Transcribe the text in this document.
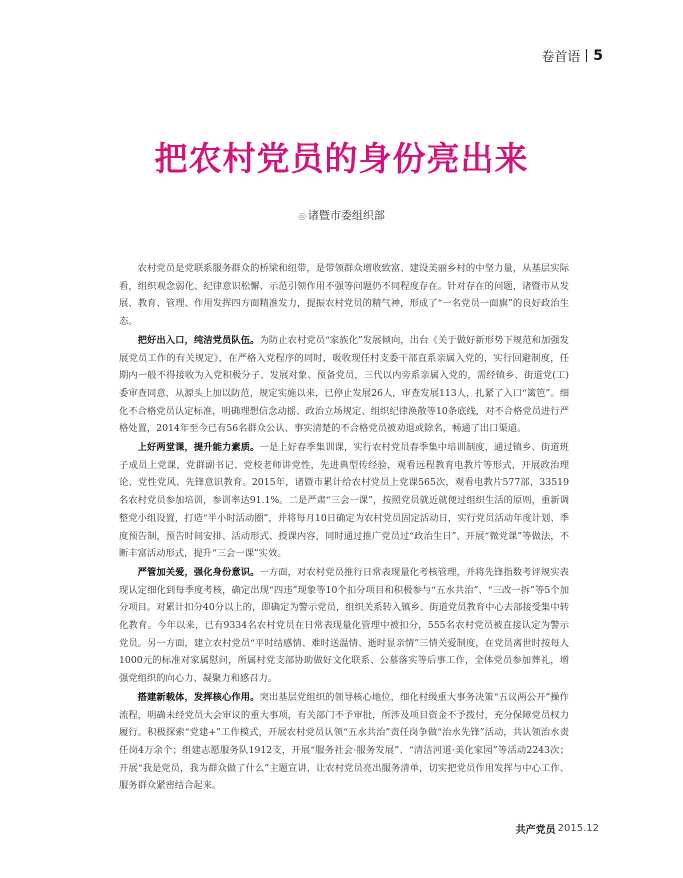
卷首语 5
把农村党员的身份亮出来
◎ 诸暨市委组织部

农村党员是党联系服务群众的桥梁和纽带，是带领群众增收致富、建设美丽乡村的中坚力量，从基层实际看，组织观念弱化、纪律意识松懈、示范引领作用不强等问题仍不同程度存在。针对存在的问题，诸暨市从发展、教育、管理、作用发挥四方面精准发力，提振农村党员的精气神，形成了“一名党员一面旗”的良好政治生态。

把好出入口，纯洁党员队伍。为防止农村党员“家族化”发展倾向，出台《关于做好新形势下规范和加强发展党员工作的有关规定》，在严格入党程序的同时，吸收现任村支委干部直系亲属入党的，实行回避制度，任期内一般不得接收为入党积极分子、发展对象、预备党员，三代以内旁系亲属入党的，需经镇乡、街道党(工)委审查同意，从源头上加以防范，规定实施以来，已停止发展26人，审查发展113人，扎紧了入口“篱笆”。细化不合格党员认定标准，明确理想信念动摇、政治立场规定、组织纪律涣散等10条底线，对不合格党员进行严格处置，2014年至今已有56名群众公认、事实清楚的不合格党员被劝退或除名，畅通了出口渠道。

上好两堂课，提升能力素质。一是上好春季集训课，实行农村党员春季集中培训制度，通过镇乡、街道班子成员上党课，党群副书记、党校老师讲党性，先进典型传经验，观看远程教育电教片等形式，开展政治理论、党性党风、先锋意识教育。2015年，诸暨市累计给农村党员上党课565次，观看电教片577部，33519名农村党员参加培训，参训率达91.1%。二是严肃“三会一课”，按照党员就近就便过组织生活的原则，重新调整党小组设置，打造“半小时活动圈”，并将每月10日确定为农村党员固定活动日，实行党员活动年度计划、季度预告制，预告时间安排、活动形式、授课内容，同时通过推广党员过“政治生日”、开展“微党课”等做法，不断丰富活动形式，提升“三会一课”实效。

严管加关爱，强化身份意识。一方面，对农村党员推行日常表现量化考核管理，并将先锋指数考评规实表现认定细化到每季度考核，确定出现“四违”现象等10个扣分项目和积极参与“五水共治”、“三改一拆”等5个加分项目。对累计扣分40分以上的，即确定为警示党员，组织关系转入镇乡、街道党员教育中心去部接受集中转化教育。今年以来，已有9334名农村党员在日常表现量化管理中被扣分，555名农村党员被直接认定为警示党员。另一方面，建立农村党员“平时结感情、难时送温情、逝时显亲情”三情关爱制度，在党员离世时按每人1000元的标准对家属慰问，所属村党支部协助做好文化联系、公墓落实等后事工作，全体党员参加葬礼，增强党组织的向心力、凝聚力和感召力。

搭建新载体，发挥核心作用。突出基层党组织的领导核心地位，细化村级重大事务决策“五议两公开”操作流程，明确未经党员大会审议的重大事项，有关部门不予审批，所涉及项目资金不予拨付，充分保障党员权力履行。积极探索“党建+”工作模式，开展农村党员认领“五水共治”责任岗争做“治水先锋”活动，共认领治水责任岗4万余个；组建志愿服务队1912支，开展“服务社会·服务发展”、“清洁河道·美化家园”等活动2243次；开展“我是党员，我为群众做了什么”主题宣讲，让农村党员亮出服务清单，切实把党员作用发挥与中心工作、服务群众紧密结合起来。

共产党员 2015.12
